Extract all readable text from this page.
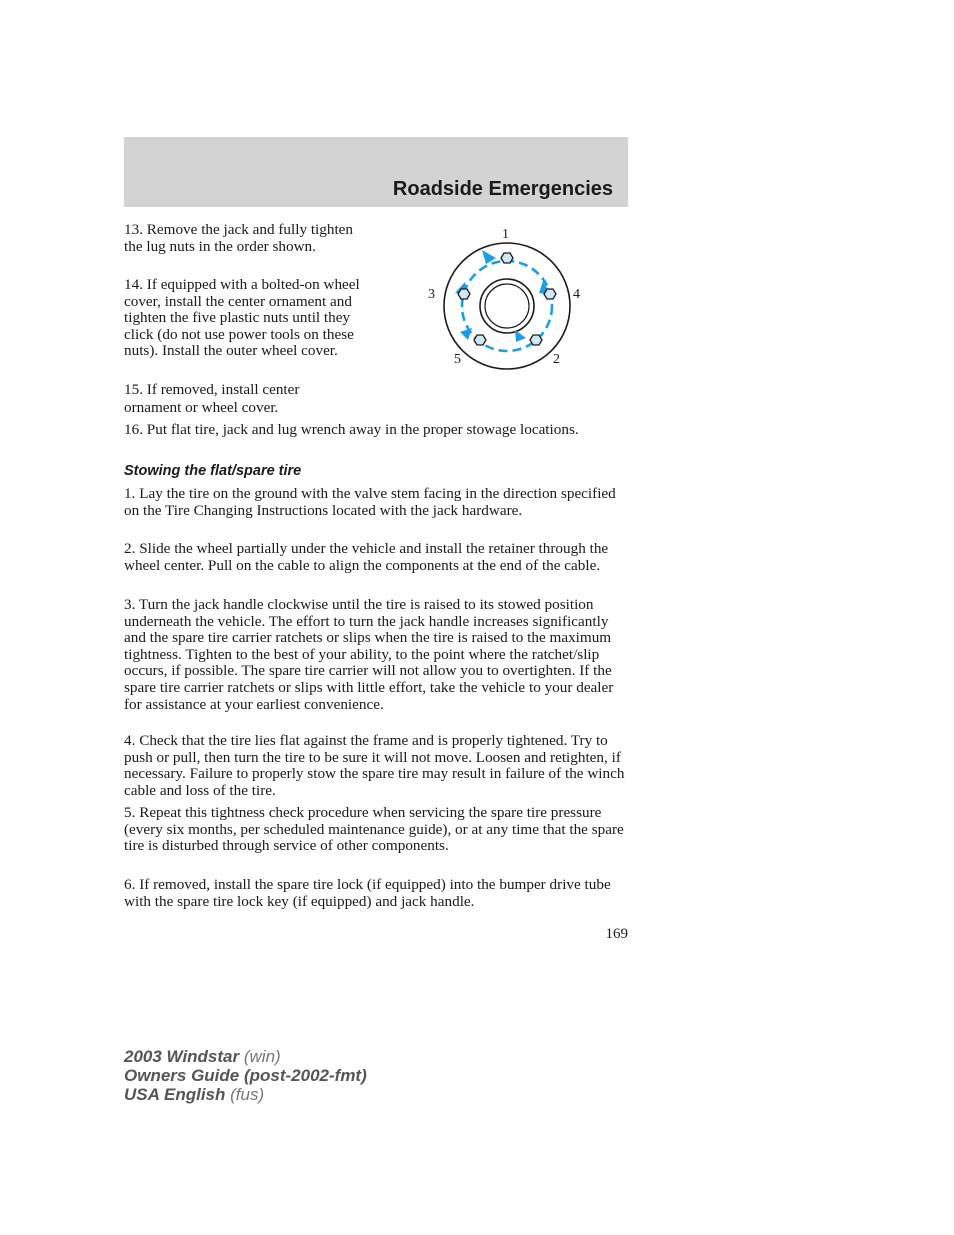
Roadside Emergencies

13. Remove the jack and fully tighten the lug nuts in the order shown.

14. If equipped with a bolted-on wheel cover, install the center ornament and tighten the five plastic nuts until they click (do not use power tools on these nuts). Install the outer wheel cover.

15. If removed, install center ornament or wheel cover.

16. Put flat tire, jack and lug wrench away in the proper stowage locations.

1
2
3	4
5
Stowing the flat/spare tire

1. Lay the tire on the ground with the valve stem facing in the direction specified on the Tire Changing Instructions located with the jack hardware.

2. Slide the wheel partially under the vehicle and install the retainer through the wheel center. Pull on the cable to align the components at the end of the cable.

3. Turn the jack handle clockwise until the tire is raised to its stowed position underneath the vehicle. The effort to turn the jack handle increases significantly and the spare tire carrier ratchets or slips when the tire is raised to the maximum tightness. Tighten to the best of your ability, to the point where the ratchet/slip occurs, if possible. The spare tire carrier will not allow you to overtighten. If the spare tire carrier ratchets or slips with little effort, take the vehicle to your dealer for assistance at your earliest convenience.

4. Check that the tire lies flat against the frame and is properly tightened. Try to push or pull, then turn the tire to be sure it will not move. Loosen and retighten, if necessary. Failure to properly stow the spare tire may result in failure of the winch cable and loss of the tire.

5. Repeat this tightness check procedure when servicing the spare tire pressure (every six months, per scheduled maintenance guide), or at any time that the spare tire is disturbed through service of other components.

6. If removed, install the spare tire lock (if equipped) into the bumper drive tube with the spare tire lock key (if equipped) and jack handle.

169
2003 Windstar (win)
Owners Guide (post-2002-fmt)
USA English (fus)
